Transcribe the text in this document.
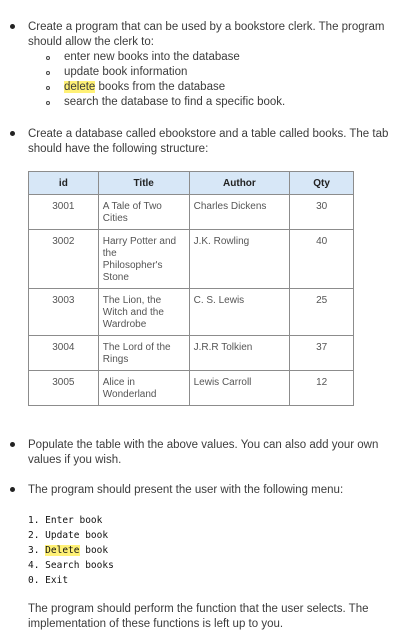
Create a program that can be used by a bookstore clerk. The program
should allow the clerk to:
enter new books into the database
update book information
delete books from the database
search the database to find a specific book.
Create a database called ebookstore and a table called books. The tab
should have the following structure:
id	Title	Author	Qty
3001	A Tale of Two
Cities	Charles Dickens	30
3002	Harry Potter and
the
Philosopher's
Stone	J.K. Rowling	40
3003	The Lion, the
Witch and the
Wardrobe	C. S. Lewis	25
3004	The Lord of the
Rings	J.R.R Tolkien	37
3005	Alice in
Wonderland	Lewis Carroll	12
Populate the table with the above values. You can also add your own
values if you wish.
The program should present the user with the following menu:
1. Enter book
2. Update book
3. Delete book
4. Search books
0. Exit
The program should perform the function that the user selects. The
implementation of these functions is left up to you.
